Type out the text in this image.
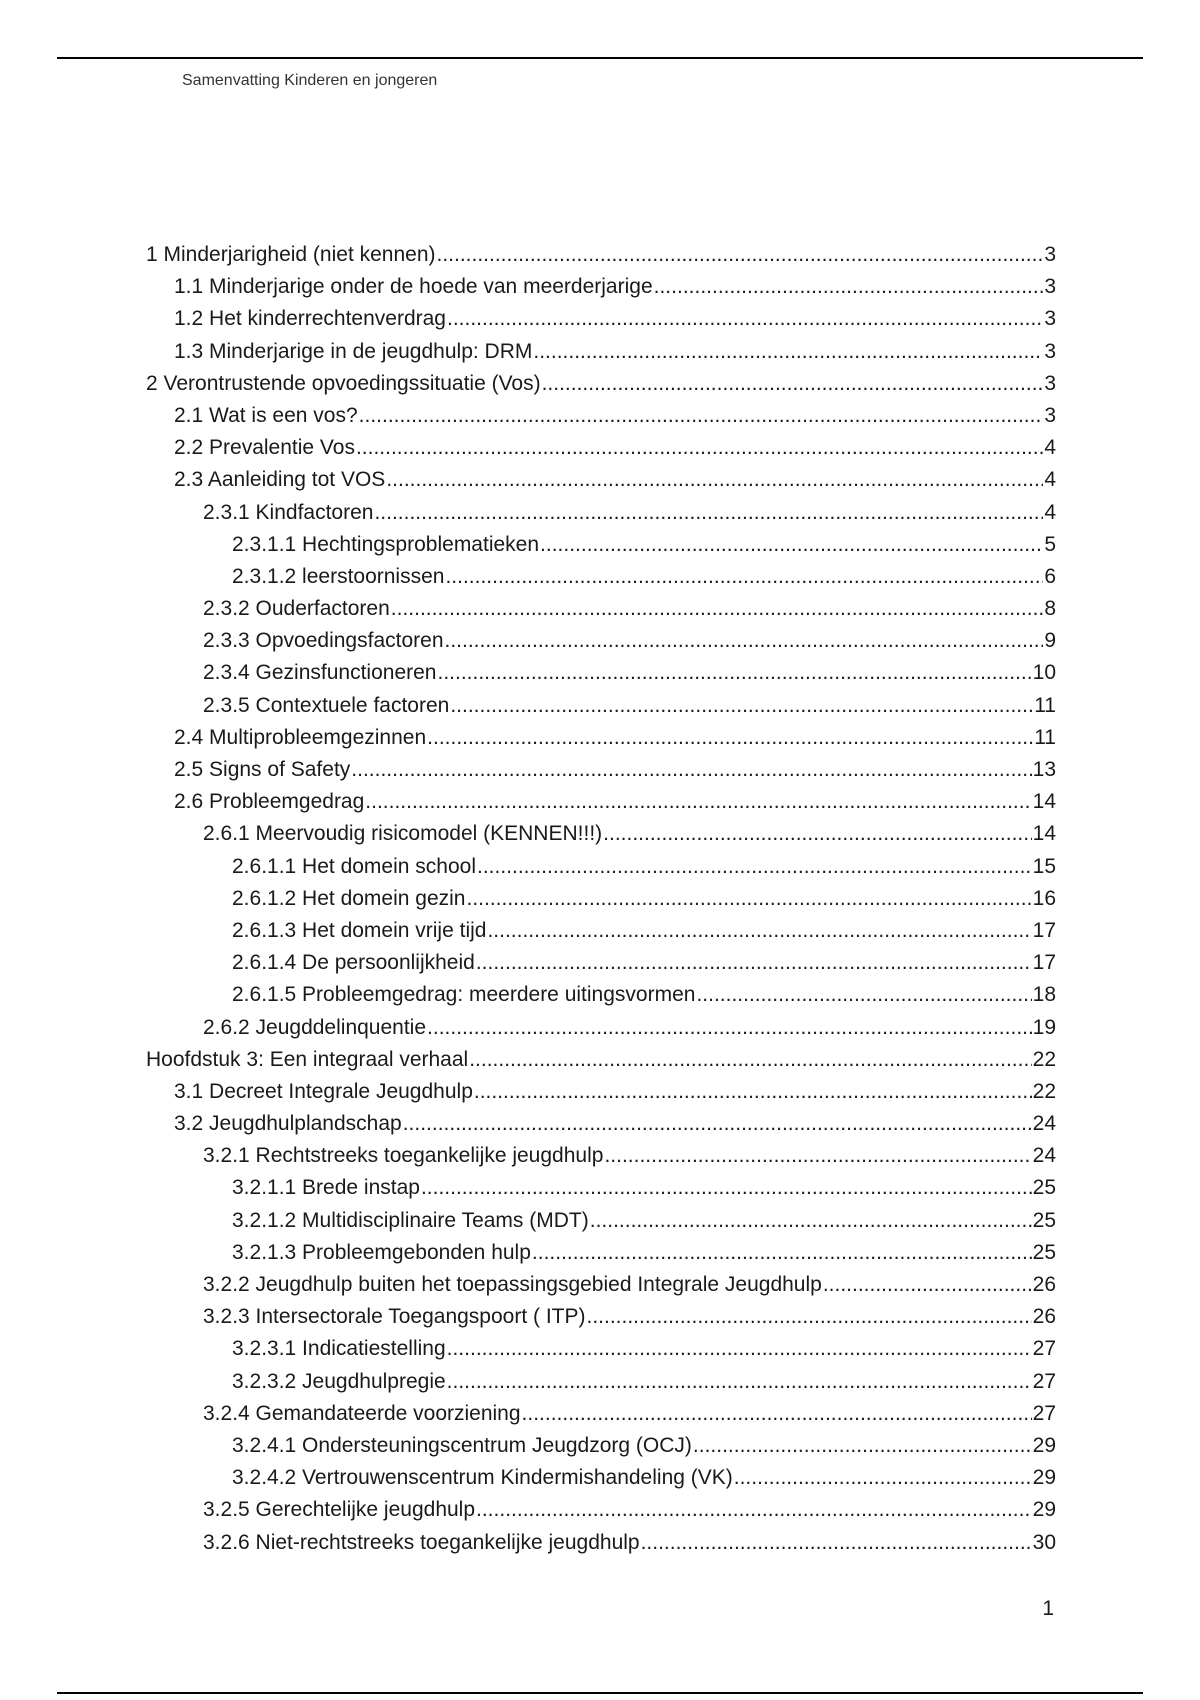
Samenvatting Kinderen en jongeren
1 Minderjarigheid (niet kennen) .....	3
1.1 Minderjarige onder de hoede van meerderjarige .....	3
1.2 Het kinderrechtenverdrag .....	3
1.3 Minderjarige in de jeugdhulp: DRM .....	3
2 Verontrustende opvoedingssituatie (Vos) .....	3
2.1 Wat is een vos? .....	3
2.2 Prevalentie Vos .....	4
2.3 Aanleiding tot VOS .....	4
2.3.1 Kindfactoren .....	4
2.3.1.1 Hechtingsproblematieken .....	5
2.3.1.2 leerstoornissen .....	6
2.3.2 Ouderfactoren .....	8
2.3.3 Opvoedingsfactoren .....	9
2.3.4 Gezinsfunctioneren .....	10
2.3.5 Contextuele factoren .....	11
2.4 Multiprobleemgezinnen .....	11
2.5 Signs of Safety .....	13
2.6 Probleemgedrag .....	14
2.6.1 Meervoudig risicomodel (KENNEN!!!) .....	14
2.6.1.1 Het domein school .....	15
2.6.1.2 Het domein gezin .....	16
2.6.1.3 Het domein vrije tijd .....	17
2.6.1.4 De persoonlijkheid .....	17
2.6.1.5 Probleemgedrag: meerdere uitingsvormen .....	18
2.6.2 Jeugddelinquentie .....	19
Hoofdstuk 3: Een integraal verhaal .....	22
3.1 Decreet Integrale Jeugdhulp .....	22
3.2 Jeugdhulplandschap .....	24
3.2.1 Rechtstreeks toegankelijke jeugdhulp .....	24
3.2.1.1 Brede instap .....	25
3.2.1.2 Multidisciplinaire Teams (MDT) .....	25
3.2.1.3 Probleemgebonden hulp .....	25
3.2.2 Jeugdhulp buiten het toepassingsgebied Integrale Jeugdhulp .....	26
3.2.3 Intersectorale Toegangspoort ( ITP) .....	26
3.2.3.1 Indicatiestelling .....	27
3.2.3.2 Jeugdhulpregie .....	27
3.2.4 Gemandateerde voorziening .....	27
3.2.4.1 Ondersteuningscentrum Jeugdzorg (OCJ) .....	29
3.2.4.2 Vertrouwenscentrum Kindermishandeling (VK) .....	29
3.2.5 Gerechtelijke jeugdhulp .....	29
3.2.6 Niet-rechtstreeks toegankelijke jeugdhulp .....	30
1
